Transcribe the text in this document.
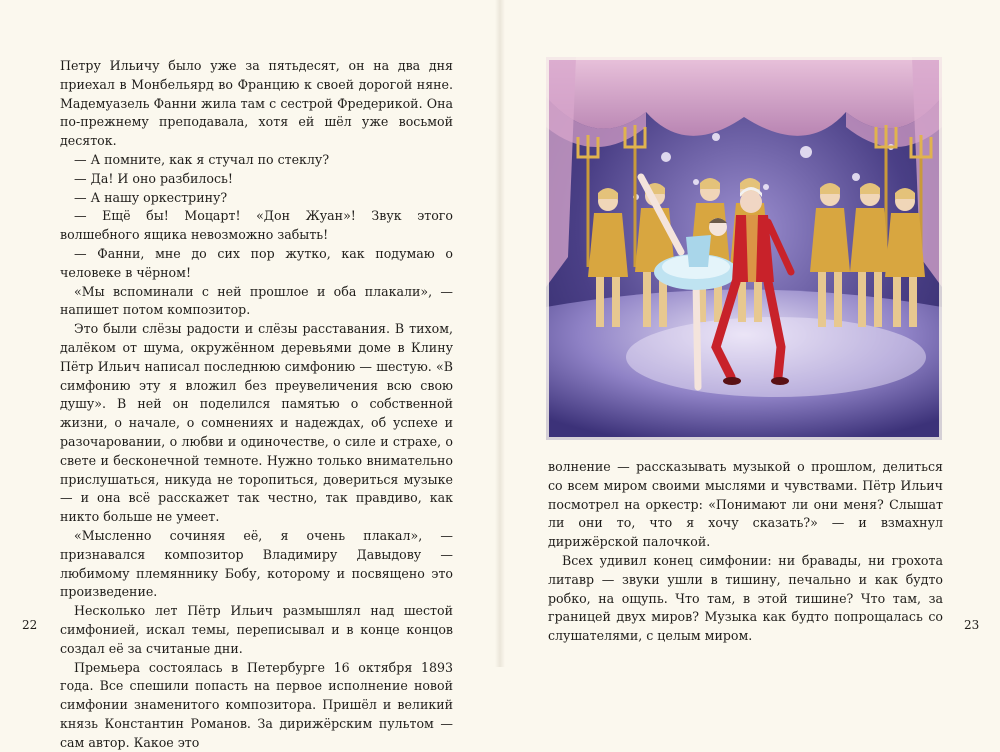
Петру Ильичу было уже за пятьдесят, он на два дня приехал в Монбельярд во Францию к своей дорогой няне. Мадемуазель Фанни жила там с сестрой Фредерикой. Она по-прежнему преподавала, хотя ей шёл уже восьмой десяток.

— А помните, как я стучал по стеклу?

— Да! И оно разбилось!

— А нашу оркестрину?

— Ещё бы! Моцарт! «Дон Жуан»! Звук этого волшебного ящика невозможно забыть!

— Фанни, мне до сих пор жутко, как подумаю о человеке в чёрном!

«Мы вспоминали с ней прошлое и оба плакали», — напишет потом композитор.

Это были слёзы радости и слёзы расставания. В тихом, далёком от шума, окружённом деревьями доме в Клину Пётр Ильич написал последнюю симфонию — шестую. «В симфонию эту я вложил без преувеличения всю свою душу». В ней он поделился памятью о собственной жизни, о начале, о сомнениях и надеждах, об успехе и разочаровании, о любви и одиночестве, о силе и страхе, о свете и бесконечной темноте. Нужно только внимательно прислушаться, никуда не торопиться, довериться музыке — и она всё расскажет так честно, так правдиво, как никто больше не умеет.

«Мысленно сочиняя её, я очень плакал», — признавался композитор Владимиру Давыдову — любимому племяннику Бобу, которому и посвящено это произведение.

Несколько лет Пётр Ильич размышлял над шестой симфонией, искал темы, переписывал и в конце концов создал её за считаные дни.

Премьера состоялась в Петербурге 16 октября 1893 года. Все спешили попасть на первое исполнение новой симфонии знаменитого композитора. Пришёл и великий князь Константин Романов. За дирижёрским пультом — сам автор. Какое это

22

волнение — рассказывать музыкой о прошлом, делиться со всем миром своими мыслями и чувствами. Пётр Ильич посмотрел на оркестр: «Понимают ли они меня? Слышат ли они то, что я хочу сказать?» — и взмахнул дирижёрской палочкой.

Всех удивил конец симфонии: ни бравады, ни грохота литавр — звуки ушли в тишину, печально и как будто робко, на ощупь. Что там, в этой тишине? Что там, за границей двух миров? Музыка как будто попрощалась со слушателями, с целым миром.

23
